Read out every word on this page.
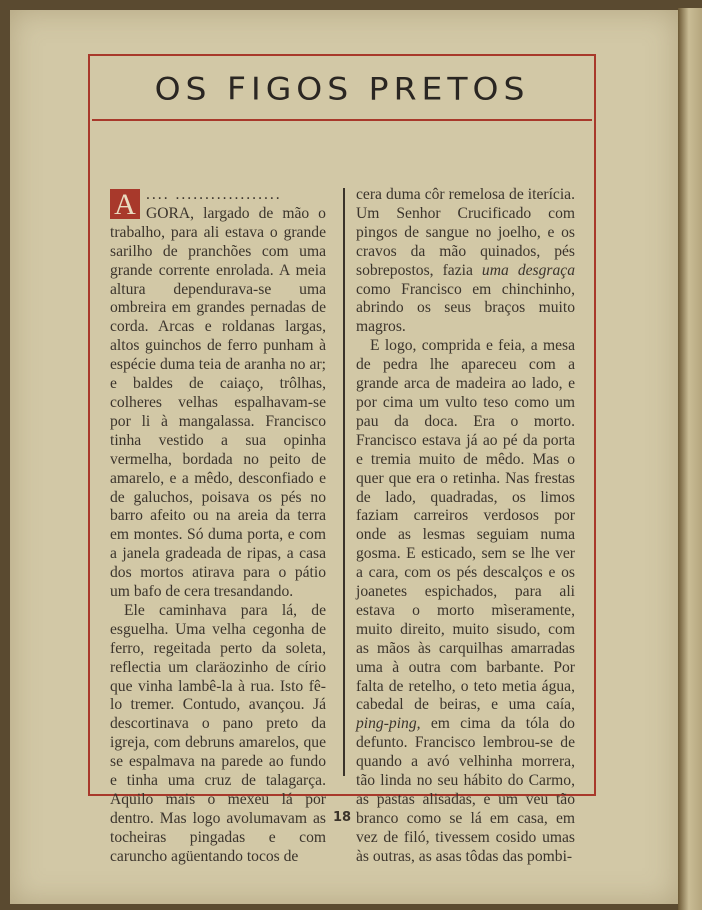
OS FIGOS PRETOS

A .... ..................
GORA, largado de mão o trabalho, para ali estava o grande sarilho de pranchões com uma grande corrente enrolada. A meia altura dependurava-se uma ombreira em grandes pernadas de corda. Arcas e roldanas largas, altos guinchos de ferro punham à espécie duma teia de aranha no ar; e baldes de caiaço, trôlhas, colheres velhas espalhavam-se por li à mangalassa. Francisco tinha vestido a sua opinha vermelha, bordada no peito de amarelo, e a mêdo, desconfiado e de galuchos, poisava os pés no barro afeito ou na areia da terra em montes. Só duma porta, e com a janela gradeada de ripas, a casa dos mortos atirava para o pátio um bafo de cera tresandando.

Ele caminhava para lá, de esguelha. Uma velha cegonha de ferro, regeitada perto da soleta, reflectia um claräozinho de círio que vinha lambê-la à rua. Isto fê-lo tremer. Contudo, avançou. Já descortinava o pano preto da igreja, com debruns amarelos, que se espalmava na parede ao fundo e tinha uma cruz de talagarça. Aquilo mais o mexeu lá por dentro. Mas logo avolumavam as tocheiras pingadas e com caruncho agüentando tocos de

cera duma côr remelosa de iterícia. Um Senhor Crucificado com pingos de sangue no joelho, e os cravos da mão quinados, pés sobrepostos, fazia uma desgraça como Francisco em chinchinho, abrindo os seus braços muito magros.

E logo, comprida e feia, a mesa de pedra lhe apareceu com a grande arca de madeira ao lado, e por cima um vulto teso como um pau da doca. Era o morto. Francisco estava já ao pé da porta e tremia muito de mêdo. Mas o quer que era o retinha. Nas frestas de lado, quadradas, os limos faziam carreiros verdosos por onde as lesmas seguiam numa gosma. E esticado, sem se lhe ver a cara, com os pés descalços e os joanetes espichados, para ali estava o morto mìseramente, muito direito, muito sisudo, com as mãos às carquilhas amarradas uma à outra com barbante. Por falta de retelho, o teto metia água, cabedal de beiras, e uma caía, ping-ping, em cima da tóla do defunto. Francisco lembrou-se de quando a avó velhinha morrera, tão linda no seu hábito do Carmo, as pastas alisadas, e um veu tão branco como se lá em casa, em vez de filó, tivessem cosido umas às outras, as asas tôdas das pombi-

18
